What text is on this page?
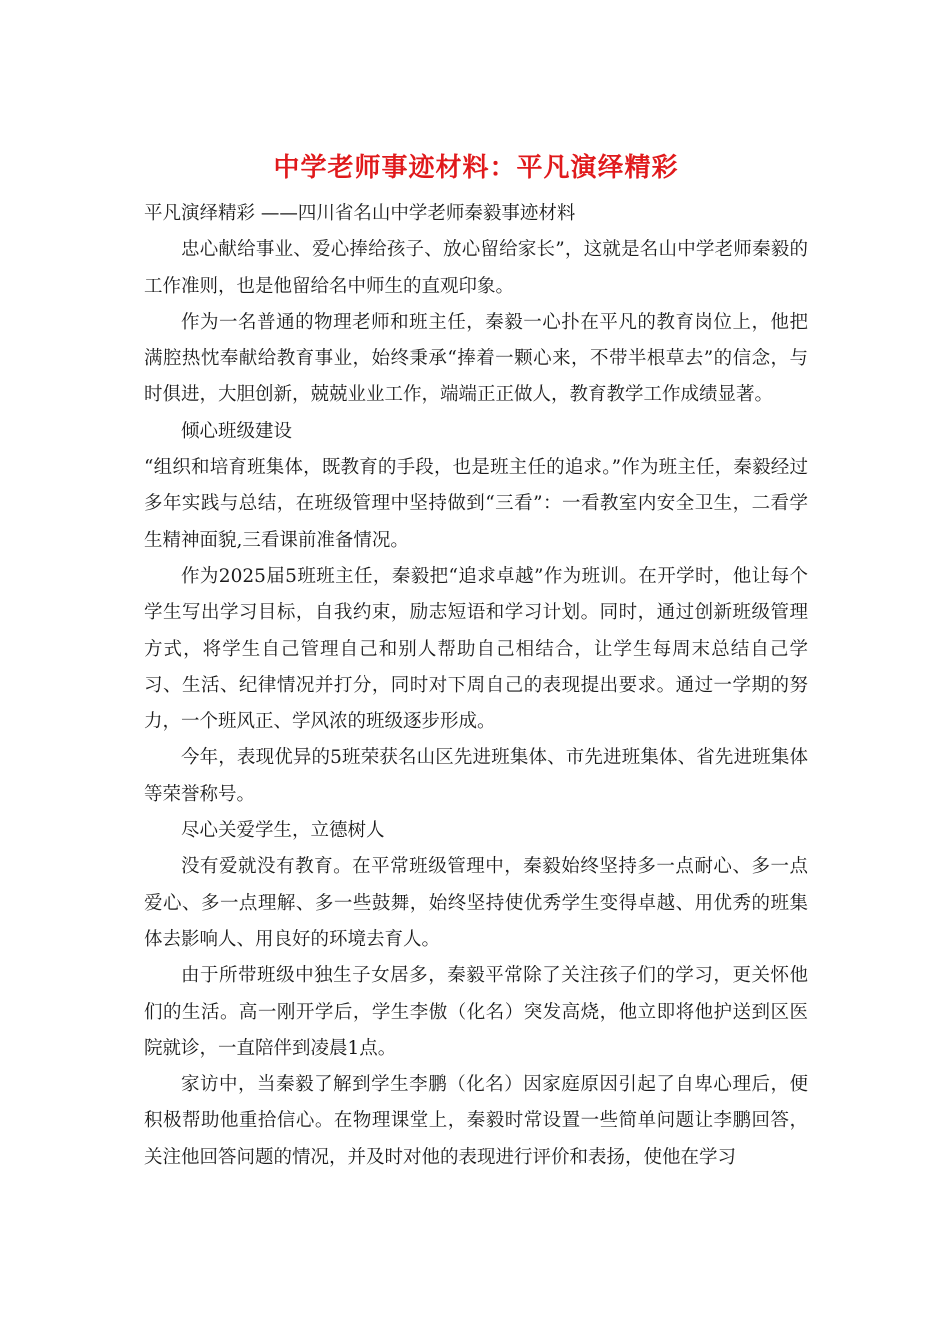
中学老师事迹材料：平凡演绎精彩

平凡演绎精彩 ——四川省名山中学老师秦毅事迹材料

忠心献给事业、爱心捧给孩子、放心留给家长”，这就是名山中学老师秦毅的工作准则，也是他留给名中师生的直观印象。

作为一名普通的物理老师和班主任，秦毅一心扑在平凡的教育岗位上，他把满腔热忱奉献给教育事业，始终秉承“捧着一颗心来，不带半根草去”的信念，与时俱进，大胆创新，兢兢业业工作，端端正正做人，教育教学工作成绩显著。

倾心班级建设

“组织和培育班集体，既教育的手段，也是班主任的追求。”作为班主任，秦毅经过多年实践与总结，在班级管理中坚持做到“三看”：一看教室内安全卫生，二看学生精神面貌,三看课前准备情况。

作为2025届5班班主任，秦毅把“追求卓越”作为班训。在开学时，他让每个学生写出学习目标，自我约束，励志短语和学习计划。同时，通过创新班级管理方式，将学生自己管理自己和别人帮助自己相结合，让学生每周末总结自己学习、生活、纪律情况并打分，同时对下周自己的表现提出要求。通过一学期的努力，一个班风正、学风浓的班级逐步形成。

今年，表现优异的5班荣获名山区先进班集体、市先进班集体、省先进班集体等荣誉称号。

尽心关爱学生，立德树人

没有爱就没有教育。在平常班级管理中，秦毅始终坚持多一点耐心、多一点爱心、多一点理解、多一些鼓舞，始终坚持使优秀学生变得卓越、用优秀的班集体去影响人、用良好的环境去育人。

由于所带班级中独生子女居多，秦毅平常除了关注孩子们的学习，更关怀他们的生活。高一刚开学后，学生李傲（化名）突发高烧，他立即将他护送到区医院就诊，一直陪伴到凌晨1点。

家访中，当秦毅了解到学生李鹏（化名）因家庭原因引起了自卑心理后，便积极帮助他重拾信心。在物理课堂上，秦毅时常设置一些简单问题让李鹏回答，关注他回答问题的情况，并及时对他的表现进行评价和表扬，使他在学习
